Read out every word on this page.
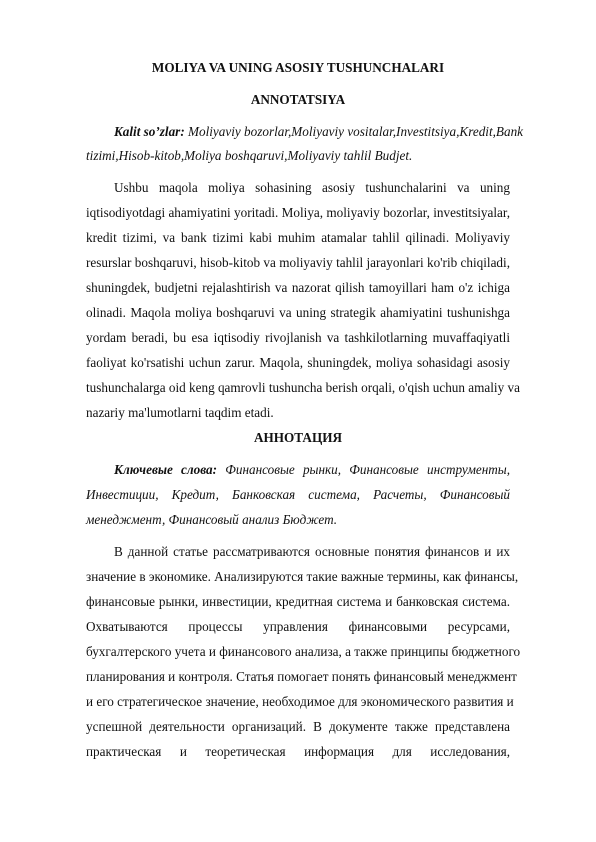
MOLIYA VA UNING ASOSIY TUSHUNCHALARI
ANNOTATSIYA
Kalit so’zlar: Moliyaviy bozorlar,Moliyaviy vositalar,Investitsiya,Kredit,Bank
tizimi,Hisob-kitob,Moliya boshqaruvi,Moliyaviy tahlil Budjet.
Ushbu maqola moliya sohasining asosiy tushunchalarini va uning
iqtisodiyotdagi ahamiyatini yoritadi. Moliya, moliyaviy bozorlar, investitsiyalar,
kredit tizimi, va bank tizimi kabi muhim atamalar tahlil qilinadi. Moliyaviy
resurslar boshqaruvi, hisob-kitob va moliyaviy tahlil jarayonlari ko'rib chiqiladi,
shuningdek, budjetni rejalashtirish va nazorat qilish tamoyillari ham o'z ichiga
olinadi. Maqola moliya boshqaruvi va uning strategik ahamiyatini tushunishga
yordam beradi, bu esa iqtisodiy rivojlanish va tashkilotlarning muvaffaqiyatli
faoliyat ko'rsatishi uchun zarur. Maqola, shuningdek, moliya sohasidagi asosiy
tushunchalarga oid keng qamrovli tushuncha berish orqali, o'qish uchun amaliy va
nazariy ma'lumotlarni taqdim etadi.
АННОТАЦИЯ
Ключевые слова: Финансовые рынки, Финансовые инструменты,
Инвестиции, Кредит, Банковская система, Расчеты, Финансовый
менеджмент, Финансовый анализ Бюджет.
В данной статье рассматриваются основные понятия финансов и их
значение в экономике. Анализируются такие важные термины, как финансы,
финансовые рынки, инвестиции, кредитная система и банковская система.
Охватываются процессы управления финансовыми ресурсами,
бухгалтерского учета и финансового анализа, а также принципы бюджетного
планирования и контроля. Статья помогает понять финансовый менеджмент
и его стратегическое значение, необходимое для экономического развития и
успешной деятельности организаций. В документе также представлена
практическая и теоретическая информация для исследования,
